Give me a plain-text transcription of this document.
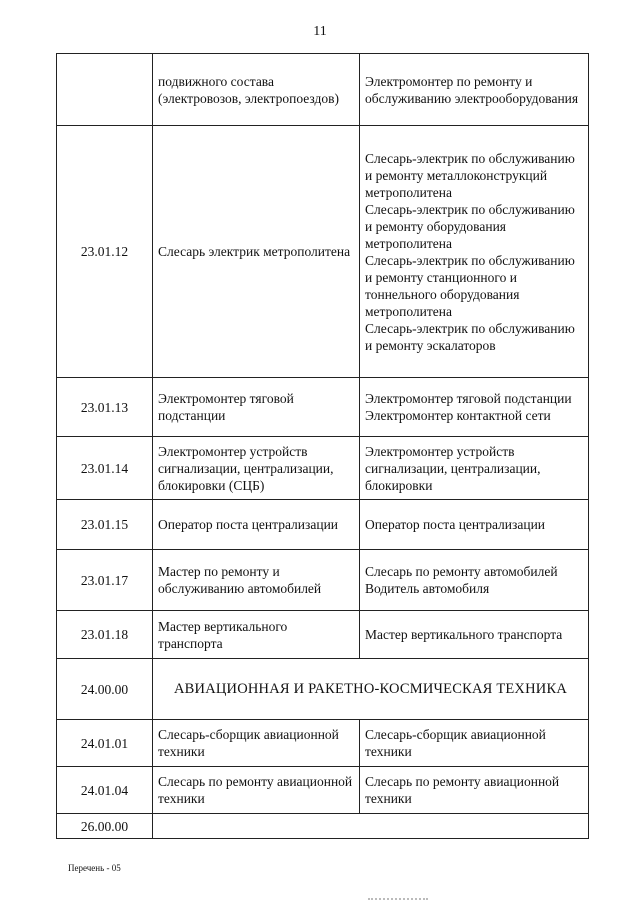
11
	подвижного состава (электровозов, электропоездов)	Электромонтер по ремонту и обслуживанию электрооборудования
23.01.12	Слесарь электрик метрополитена	Слесарь-электрик по обслуживанию и ремонту металлоконструкций метрополитена
Слесарь-электрик по обслуживанию и ремонту оборудования метрополитена
Слесарь-электрик по обслуживанию и ремонту станционного и тоннельного оборудования метрополитена
Слесарь-электрик по обслуживанию и ремонту эскалаторов
23.01.13	Электромонтер тяговой подстанции	Электромонтер тяговой подстанции
Электромонтер контактной сети
23.01.14	Электромонтер устройств сигнализации, централизации, блокировки (СЦБ)	Электромонтер устройств сигнализации, централизации, блокировки
23.01.15	Оператор поста централизации	Оператор поста централизации
23.01.17	Мастер по ремонту и обслуживанию автомобилей	Слесарь по ремонту автомобилей
Водитель автомобиля
23.01.18	Мастер вертикального транспорта	Мастер вертикального транспорта
24.00.00	АВИАЦИОННАЯ И РАКЕТНО-КОСМИЧЕСКАЯ ТЕХНИКА	
24.01.01	Слесарь-сборщик авиационной техники	Слесарь-сборщик авиационной техники
24.01.04	Слесарь по ремонту авиационной техники	Слесарь по ремонту авиационной техники
26.00.00		
Перечень - 05
